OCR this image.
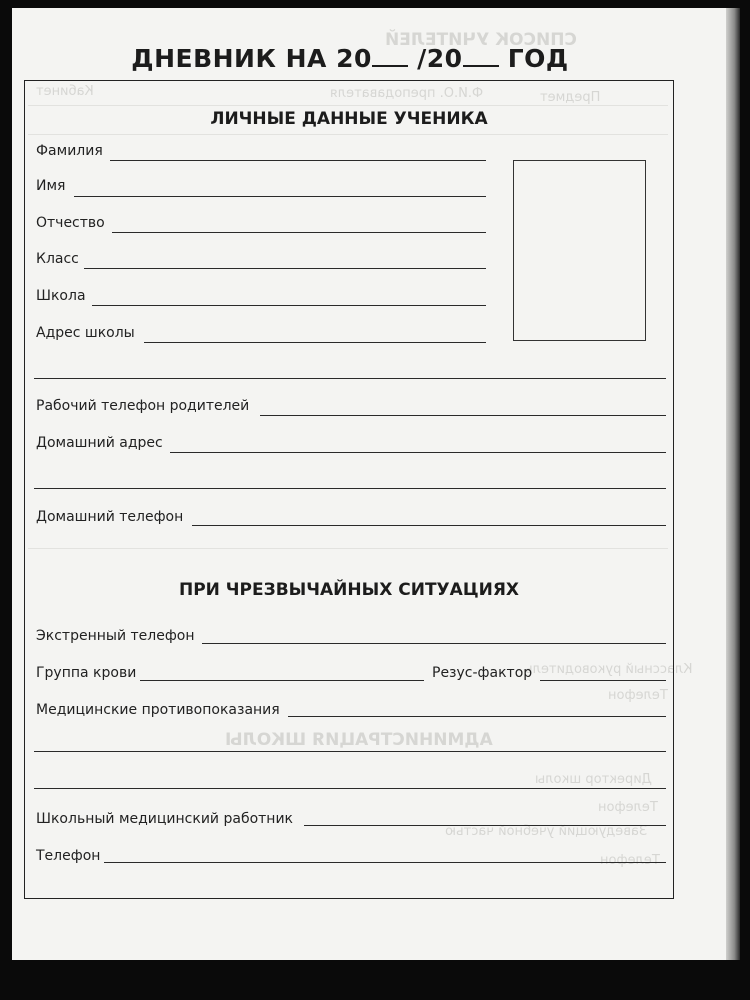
СПИСОК УЧИТЕЛЕЙ
Предмет
Ф.И.О. преподавателя
Кабинет
Классный руководитель
Телефон
АДМИНИСТРАЦИЯ ШКОЛЫ
Директор школы
Телефон
Заведующий учебной частью
Телефон
ДНЕВНИК НА 20 /20 ГОД
ЛИЧНЫЕ ДАННЫЕ УЧЕНИКА
Фамилия
Имя
Отчество
Класс
Школа
Адрес школы
Рабочий телефон родителей
Домашний адрес
Домашний телефон
ПРИ ЧРЕЗВЫЧАЙНЫХ СИТУАЦИЯХ
Экстренный телефон
Группа крови	Резус-фактор
Медицинские противопоказания
Школьный медицинский работник
Телефон
